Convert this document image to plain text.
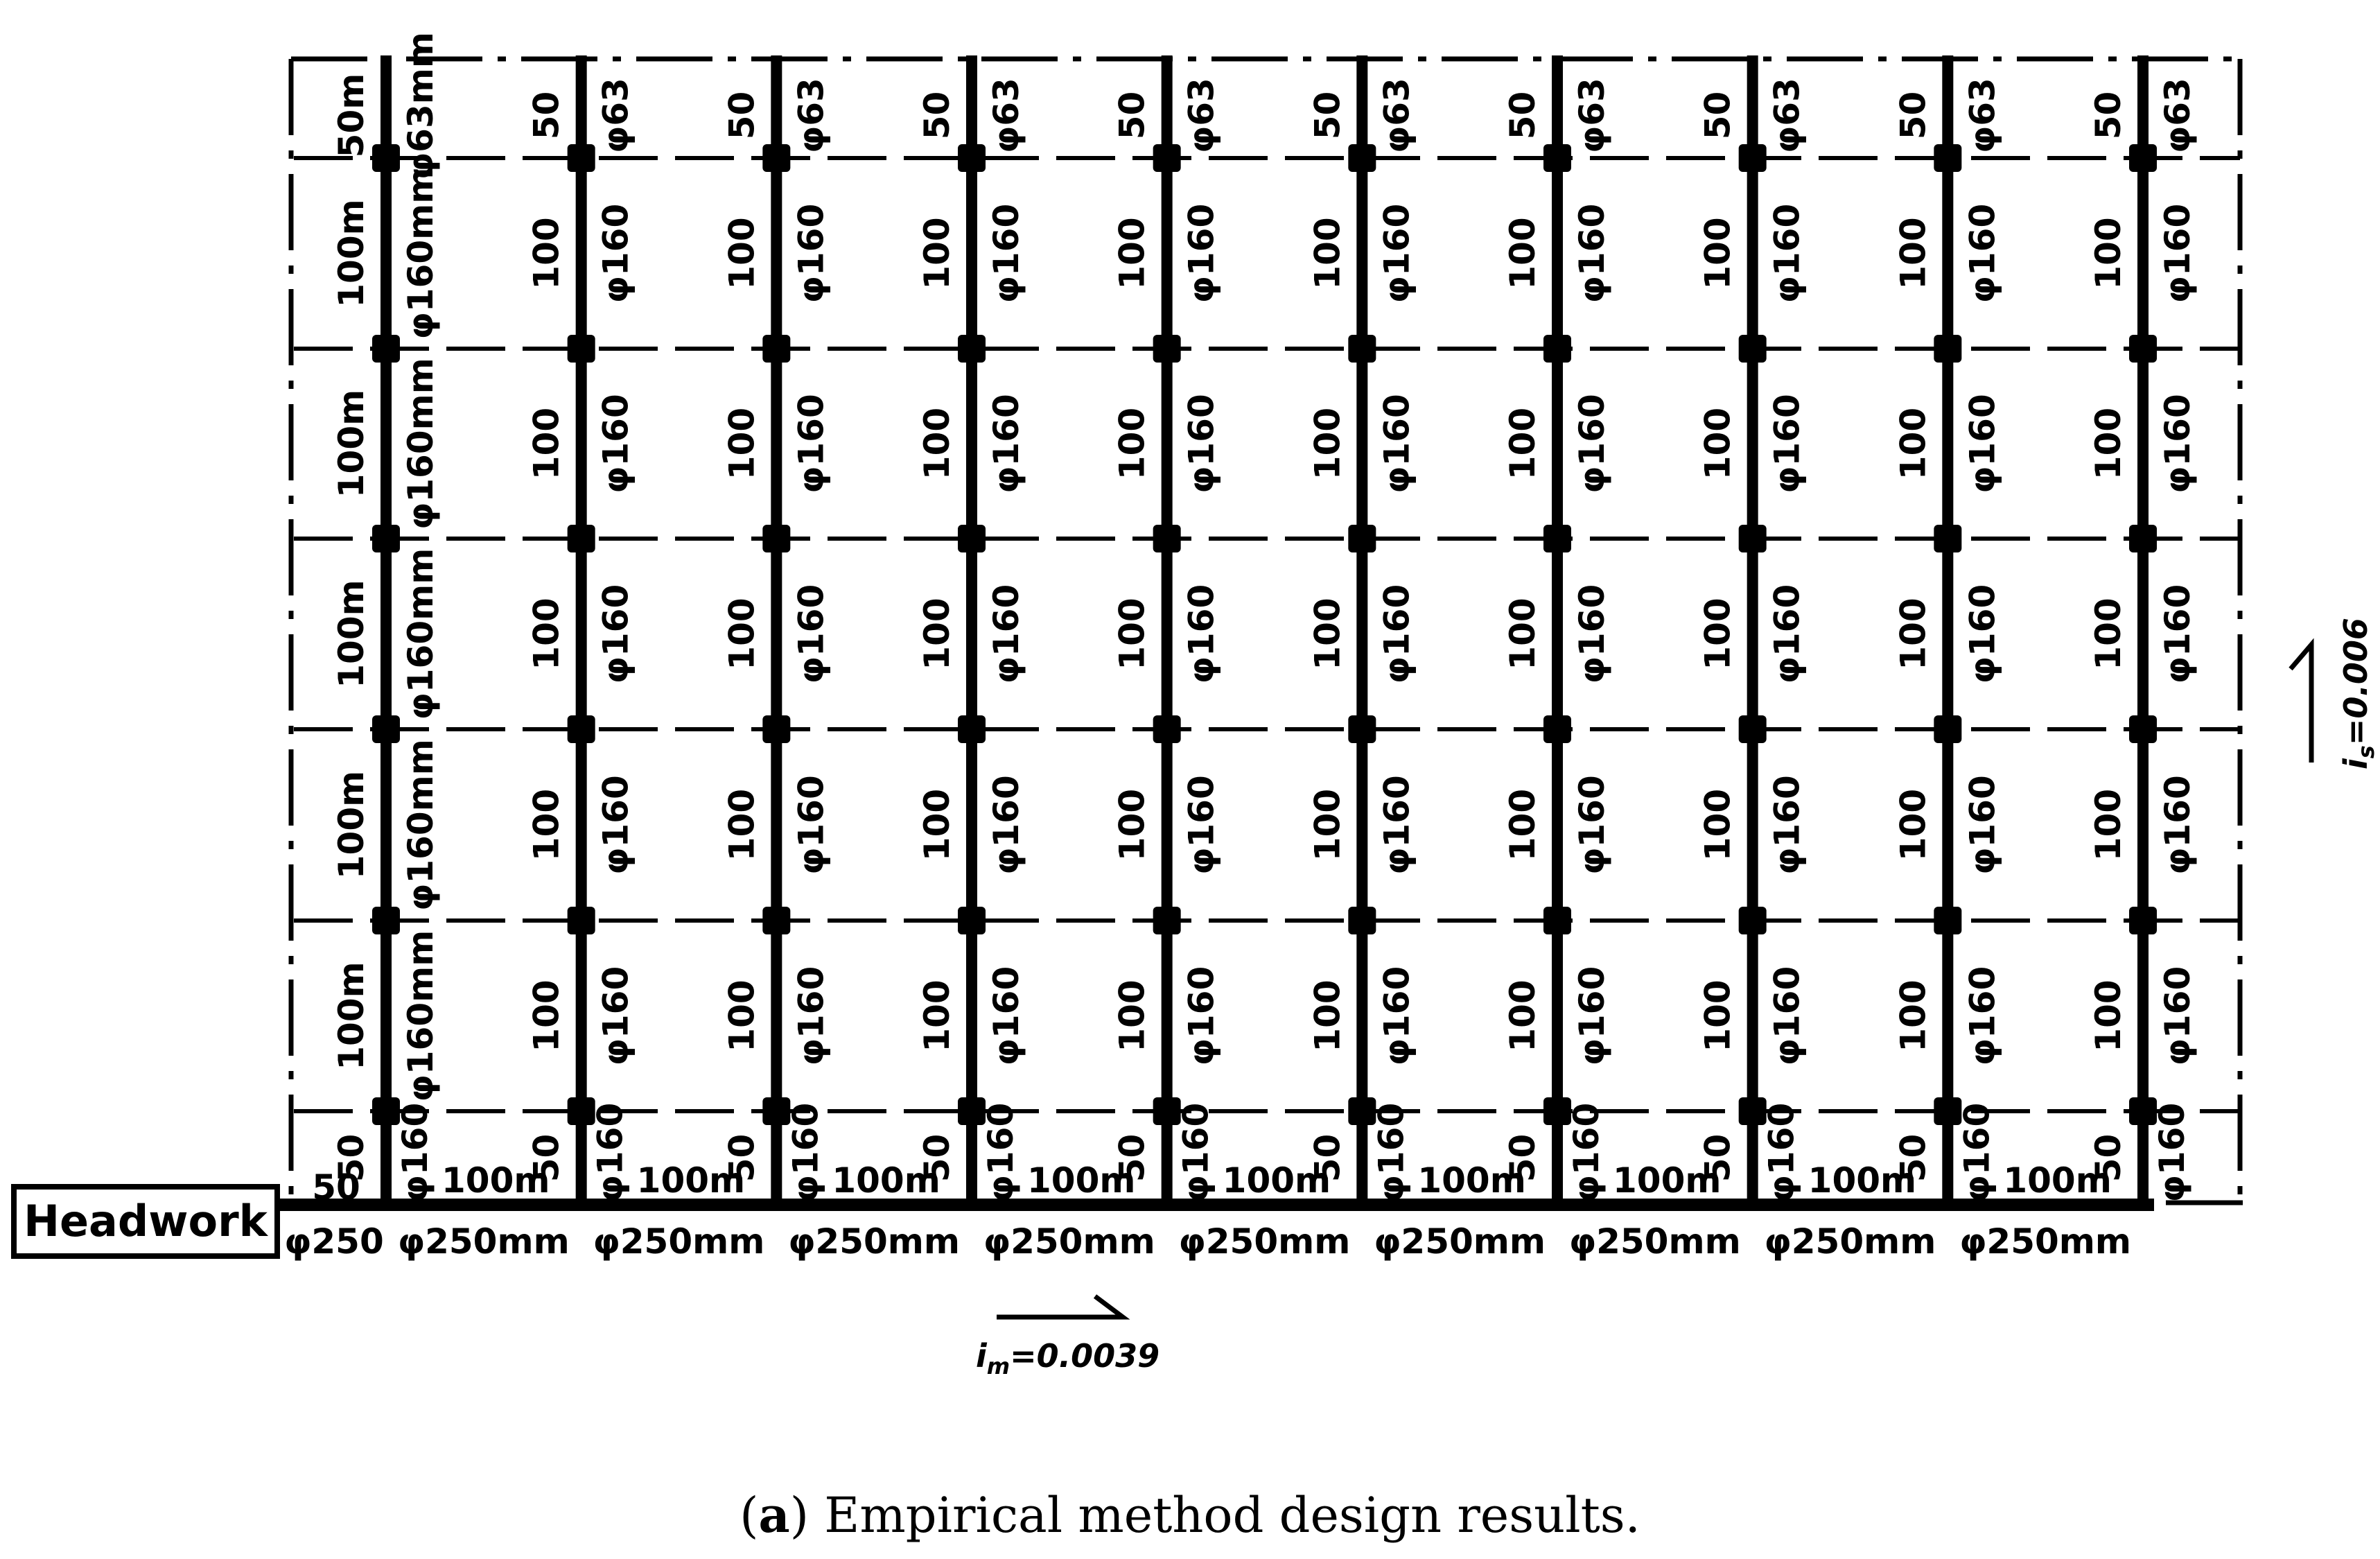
Headwork
50m φ63mm
100m φ160mm
100m φ160mm
100m φ160mm
100m φ160mm
100m φ160mm
50 φ160
50 φ63
100 φ160
100 φ160
100 φ160
100 φ160
100 φ160
50 φ160
50 φ63
100 φ160
100 φ160
100 φ160
100 φ160
100 φ160
50 φ160
50 φ63
100 φ160
100 φ160
100 φ160
100 φ160
100 φ160
50 φ160
50 φ63
100 φ160
100 φ160
100 φ160
100 φ160
100 φ160
50 φ160
50 φ63
100 φ160
100 φ160
100 φ160
100 φ160
100 φ160
50 φ160
50 φ63
100 φ160
100 φ160
100 φ160
100 φ160
100 φ160
50 φ160
50 φ63
100 φ160
100 φ160
100 φ160
100 φ160
100 φ160
50 φ160
50 φ63
100 φ160
100 φ160
100 φ160
100 φ160
100 φ160
50 φ160
50 φ63
100 φ160
100 φ160
100 φ160
100 φ160
100 φ160
50 φ160
50
φ250
100m
φ250mm
100m
φ250mm
100m
φ250mm
100m
φ250mm
100m
φ250mm
100m
φ250mm
100m
φ250mm
100m
φ250mm
100m
φ250mm
$i_m=0.0039$
$i_s=0.006$
(a) Empirical method design results.
